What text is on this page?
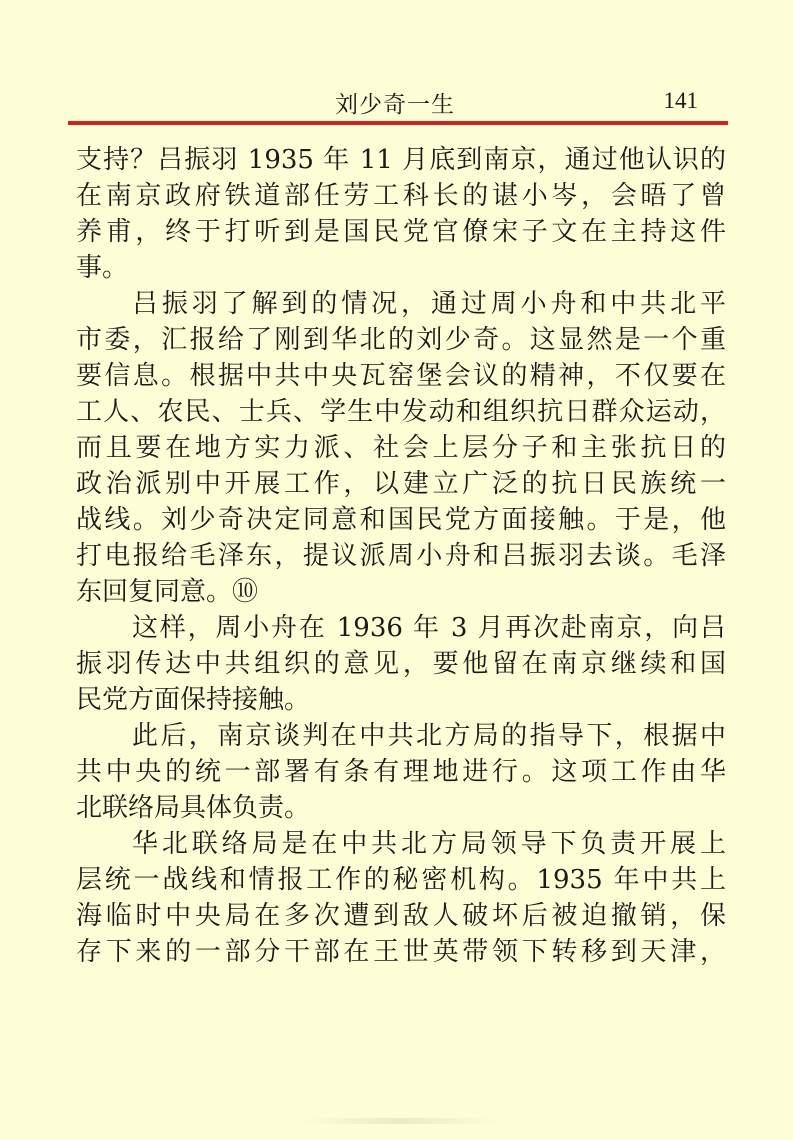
刘少奇一生	141
支持？吕振羽 1935 年 11 月底到南京，通过他认识的
在南京政府铁道部任劳工科长的谌小岑，会晤了曾
养甫，终于打听到是国民党官僚宋子文在主持这件
事。
吕振羽了解到的情况，通过周小舟和中共北平
市委，汇报给了刚到华北的刘少奇。这显然是一个重
要信息。根据中共中央瓦窑堡会议的精神，不仅要在
工人、农民、士兵、学生中发动和组织抗日群众运动，
而且要在地方实力派、社会上层分子和主张抗日的
政治派别中开展工作，以建立广泛的抗日民族统一
战线。刘少奇决定同意和国民党方面接触。于是，他
打电报给毛泽东，提议派周小舟和吕振羽去谈。毛泽
东回复同意。⑩
这样，周小舟在 1936 年 3 月再次赴南京，向吕
振羽传达中共组织的意见，要他留在南京继续和国
民党方面保持接触。
此后，南京谈判在中共北方局的指导下，根据中
共中央的统一部署有条有理地进行。这项工作由华
北联络局具体负责。
华北联络局是在中共北方局领导下负责开展上
层统一战线和情报工作的秘密机构。1935 年中共上
海临时中央局在多次遭到敌人破坏后被迫撤销，保
存下来的一部分干部在王世英带领下转移到天津，
